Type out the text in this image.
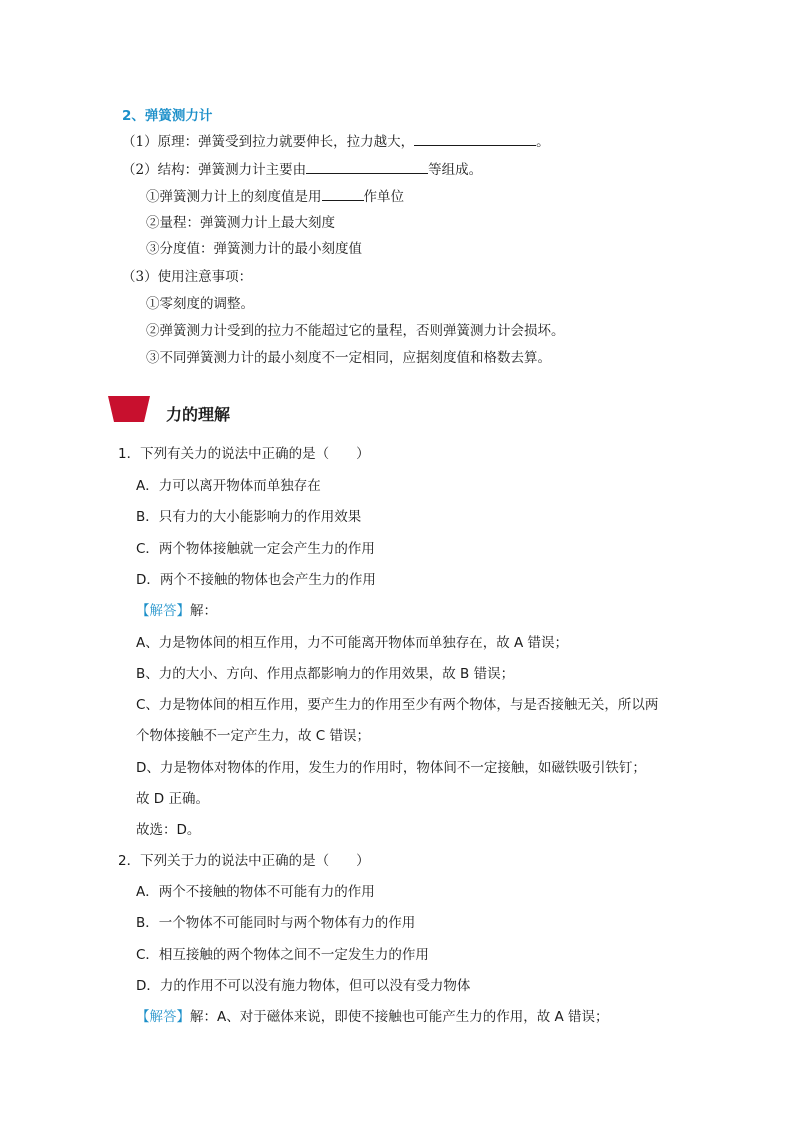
2、弹簧测力计
（1）原理：弹簧受到拉力就要伸长，拉力越大，	。
（2）结构：弹簧测力计主要由	等组成。
①弹簧测力计上的刻度值是用	作单位
②量程：弹簧测力计上最大刻度
③分度值：弹簧测力计的最小刻度值
（3）使用注意事项：
①零刻度的调整。
②弹簧测力计受到的拉力不能超过它的量程，否则弹簧测力计会损坏。
③不同弹簧测力计的最小刻度不一定相同，应据刻度值和格数去算。
力的理解
1．下列有关力的说法中正确的是（　　）
A．力可以离开物体而单独存在
B．只有力的大小能影响力的作用效果
C．两个物体接触就一定会产生力的作用
D．两个不接触的物体也会产生力的作用
【解答】解：
A、力是物体间的相互作用，力不可能离开物体而单独存在，故 A 错误；
B、力的大小、方向、作用点都影响力的作用效果，故 B 错误；
C、力是物体间的相互作用，要产生力的作用至少有两个物体，与是否接触无关，所以两
个物体接触不一定产生力，故 C 错误；
D、力是物体对物体的作用，发生力的作用时，物体间不一定接触，如磁铁吸引铁钉；
故 D 正确。
故选：D。
2．下列关于力的说法中正确的是（　　）
A．两个不接触的物体不可能有力的作用
B．一个物体不可能同时与两个物体有力的作用
C．相互接触的两个物体之间不一定发生力的作用
D．力的作用不可以没有施力物体，但可以没有受力物体
【解答】解：A、对于磁体来说，即使不接触也可能产生力的作用，故 A 错误；
